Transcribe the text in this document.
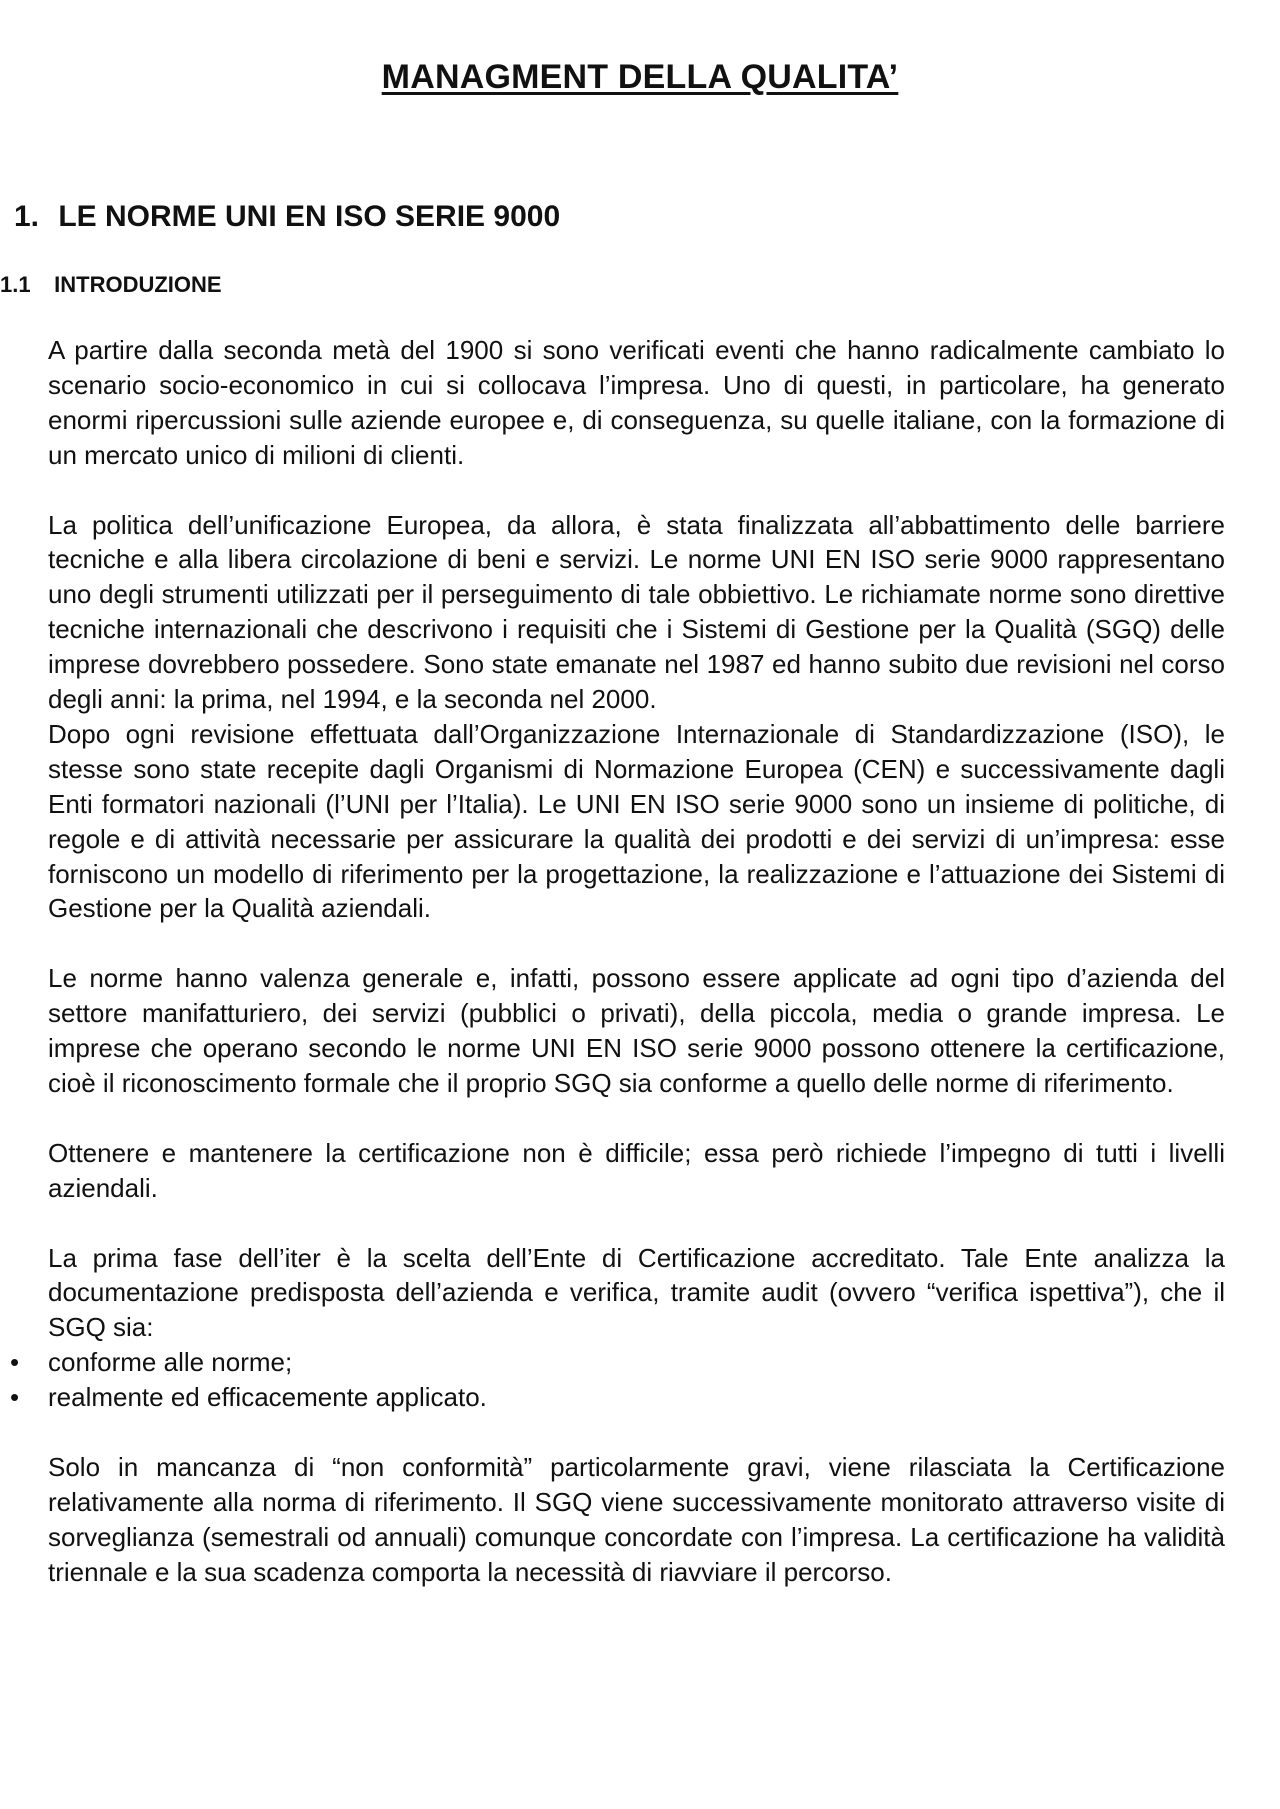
MANAGMENT DELLA QUALITA’
1. LE NORME UNI EN ISO SERIE 9000
1.1 INTRODUZIONE

A partire dalla seconda metà del 1900 si sono verificati eventi che hanno radicalmente cambiato lo scenario socio-economico in cui si collocava l’impresa. Uno di questi, in particolare, ha generato enormi ripercussioni sulle aziende europee e, di conseguenza, su quelle italiane, con la formazione di un mercato unico di milioni di clienti.

La politica dell’unificazione Europea, da allora, è stata finalizzata all’abbattimento delle barriere tecniche e alla libera circolazione di beni e servizi. Le norme UNI EN ISO serie 9000 rappresentano uno degli strumenti utilizzati per il perseguimento di tale obbiettivo. Le richiamate norme sono direttive tecniche internazionali che descrivono i requisiti che i Sistemi di Gestione per la Qualità (SGQ) delle imprese dovrebbero possedere. Sono state emanate nel 1987 ed hanno subito due revisioni nel corso degli anni: la prima, nel 1994, e la seconda nel 2000.

Dopo ogni revisione effettuata dall’Organizzazione Internazionale di Standardizzazione (ISO), le stesse sono state recepite dagli Organismi di Normazione Europea (CEN) e successivamente dagli Enti formatori nazionali (l’UNI per l’Italia). Le UNI EN ISO serie 9000 sono un insieme di politiche, di regole e di attività necessarie per assicurare la qualità dei prodotti e dei servizi di un’impresa: esse forniscono un modello di riferimento per la progettazione, la realizzazione e l’attuazione dei Sistemi di Gestione per la Qualità aziendali.

Le norme hanno valenza generale e, infatti, possono essere applicate ad ogni tipo d’azienda del settore manifatturiero, dei servizi (pubblici o privati), della piccola, media o grande impresa. Le imprese che operano secondo le norme UNI EN ISO serie 9000 possono ottenere la certificazione, cioè il riconoscimento formale che il proprio SGQ sia conforme a quello delle norme di riferimento.

Ottenere e mantenere la certificazione non è difficile; essa però richiede l’impegno di tutti i livelli aziendali.

La prima fase dell’iter è la scelta dell’Ente di Certificazione accreditato. Tale Ente analizza la documentazione predisposta dell’azienda e verifica, tramite audit (ovvero “verifica ispettiva”), che il SGQ sia:

• conforme alle norme;
• realmente ed efficacemente applicato.

Solo in mancanza di “non conformità” particolarmente gravi, viene rilasciata la Certificazione relativamente alla norma di riferimento. Il SGQ viene successivamente monitorato attraverso visite di sorveglianza (semestrali od annuali) comunque concordate con l’impresa. La certificazione ha validità triennale e la sua scadenza comporta la necessità di riavviare il percorso.
